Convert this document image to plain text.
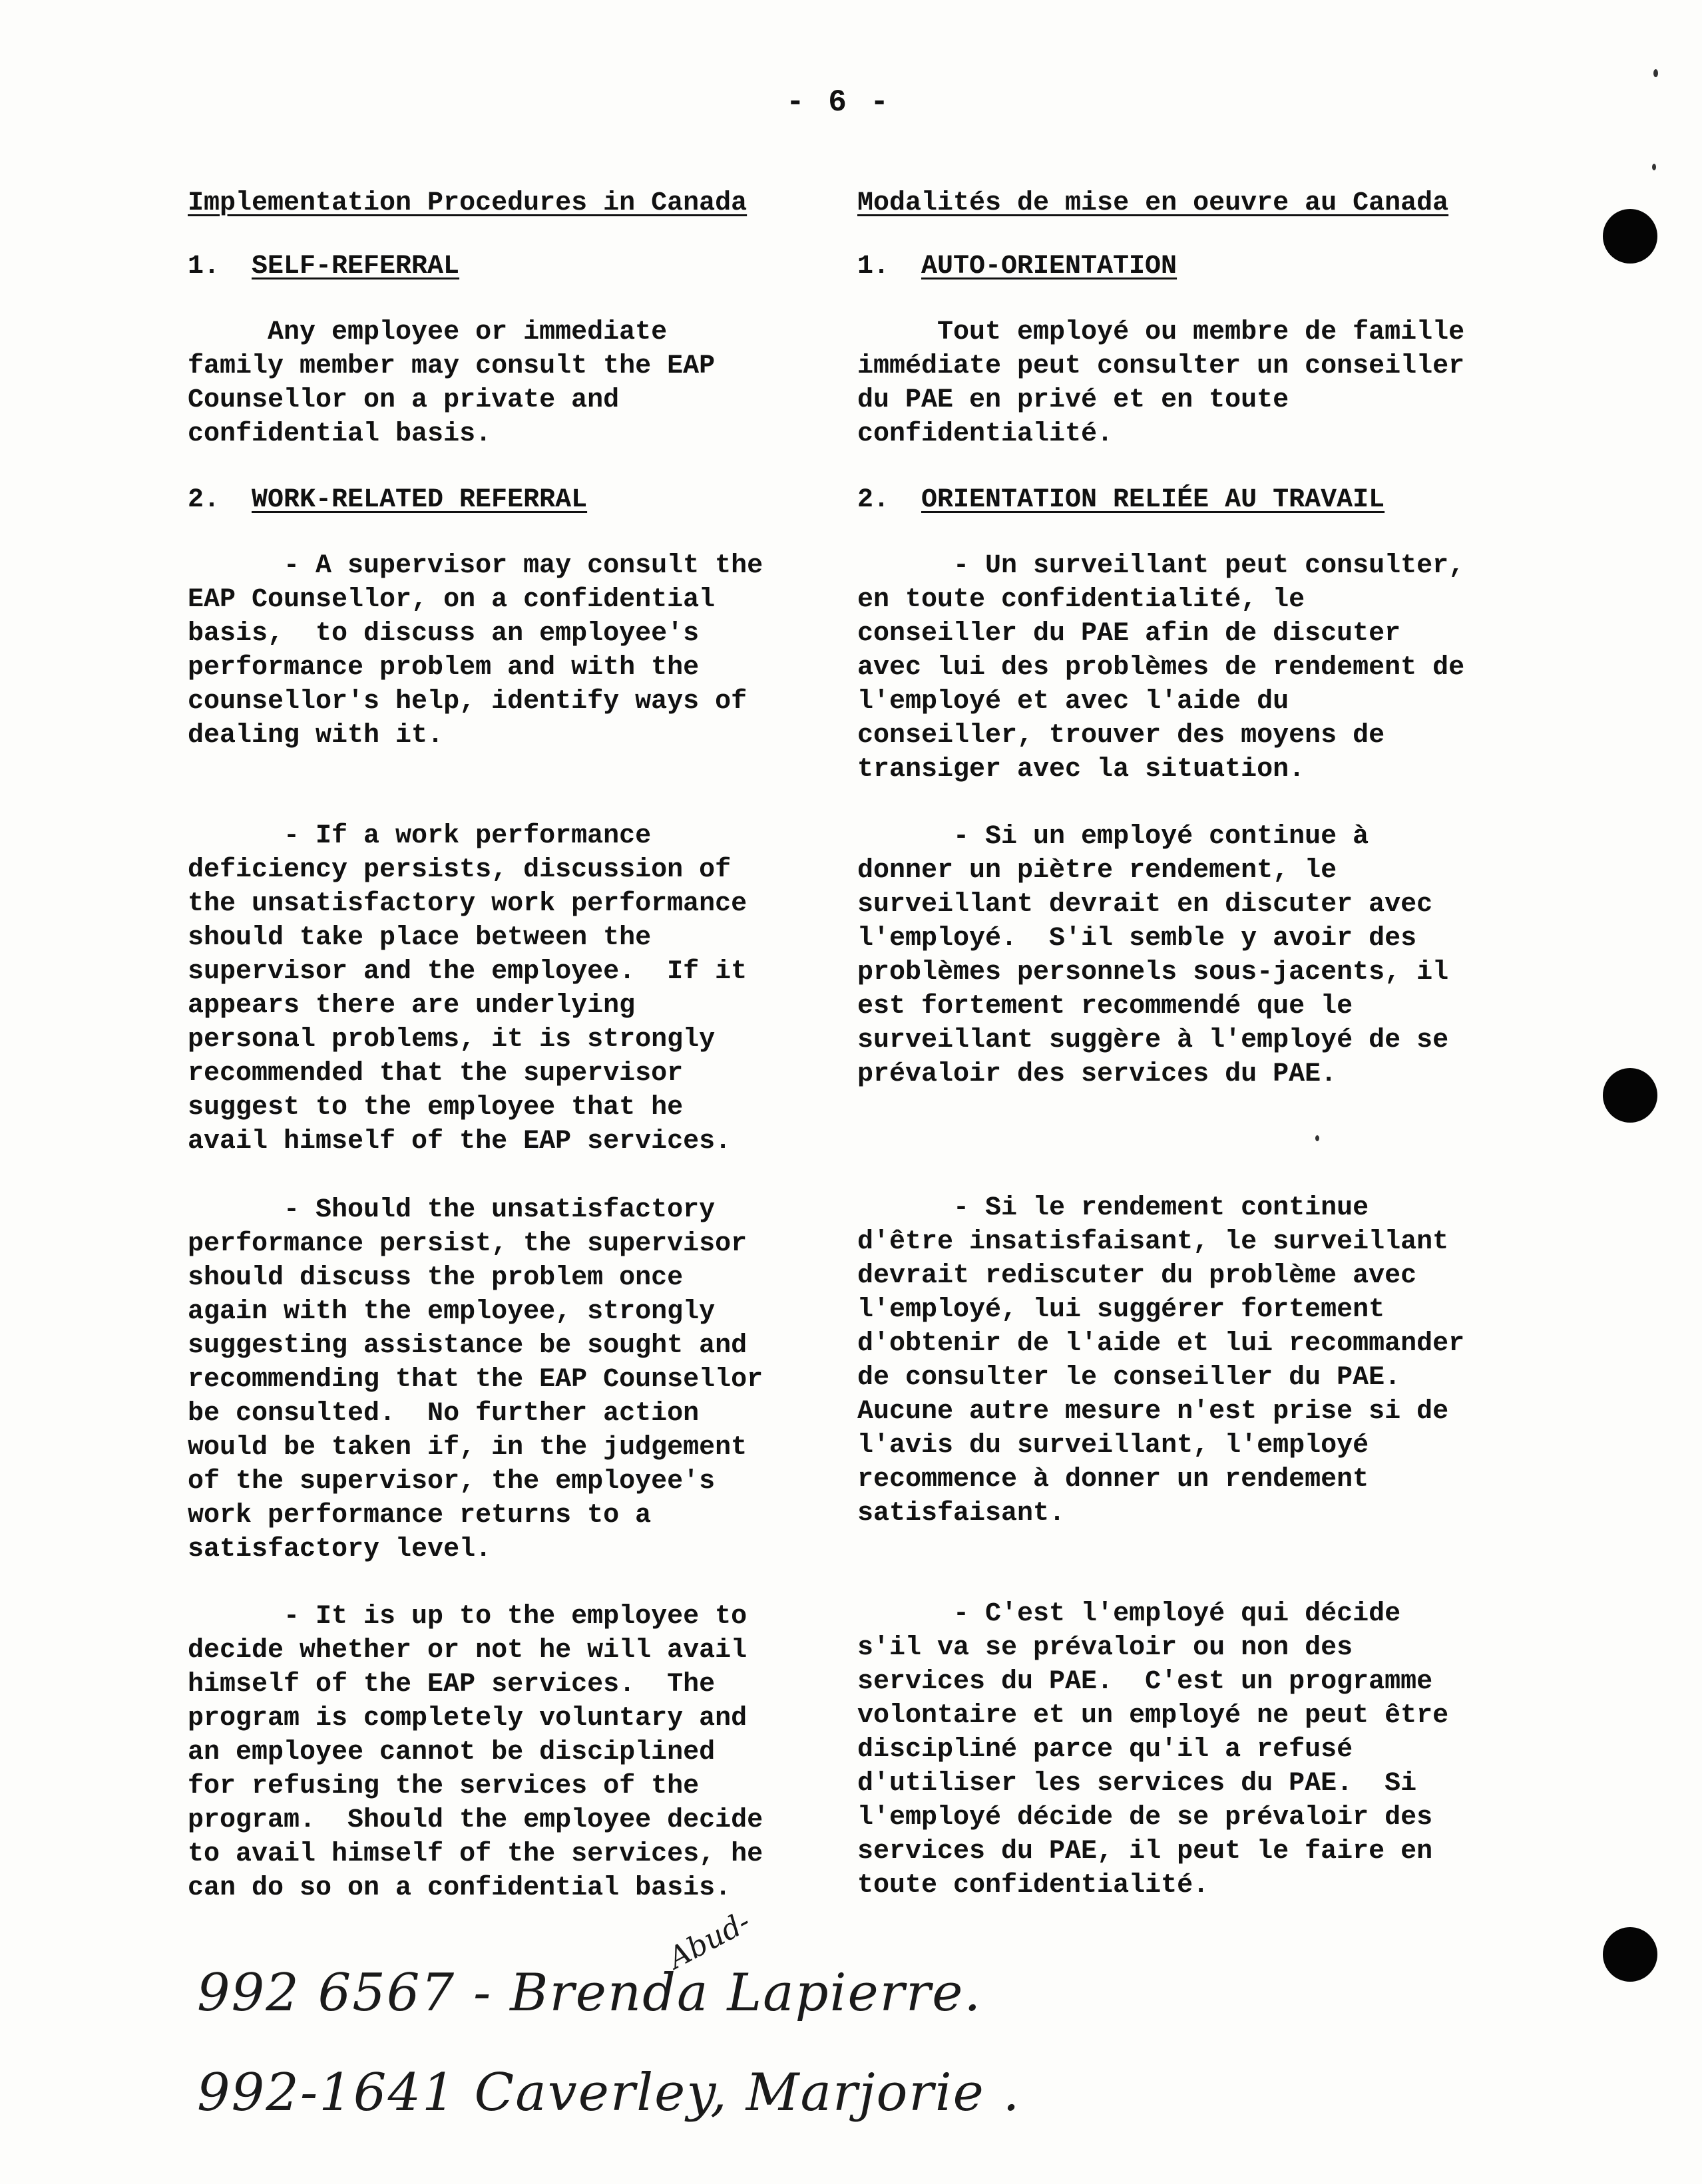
- 6 -
Implementation Procedures in Canada
1.	SELF-REFERRAL

Any employee or immediate
family member may consult the EAP
Counsellor on a private and
confidential basis.

2.	WORK-RELATED REFERRAL

- A supervisor may consult the
EAP Counsellor, on a confidential
basis,  to discuss an employee's
performance problem and with the
counsellor's help, identify ways of
dealing with it.

- If a work performance
deficiency persists, discussion of
the unsatisfactory work performance
should take place between the
supervisor and the employee.  If it
appears there are underlying
personal problems, it is strongly
recommended that the supervisor
suggest to the employee that he
avail himself of the EAP services.

- Should the unsatisfactory
performance persist, the supervisor
should discuss the problem once
again with the employee, strongly
suggesting assistance be sought and
recommending that the EAP Counsellor
be consulted.  No further action
would be taken if, in the judgement
of the supervisor, the employee's
work performance returns to a
satisfactory level.

- It is up to the employee to
decide whether or not he will avail
himself of the EAP services.  The
program is completely voluntary and
an employee cannot be disciplined
for refusing the services of the
program.  Should the employee decide
to avail himself of the services, he
can do so on a confidential basis.

Modalités de mise en oeuvre au Canada
1.	AUTO-ORIENTATION

Tout employé ou membre de famille
immédiate peut consulter un conseiller
du PAE en privé et en toute
confidentialité.

2.	ORIENTATION RELIÉE AU TRAVAIL

- Un surveillant peut consulter,
en toute confidentialité, le
conseiller du PAE afin de discuter
avec lui des problèmes de rendement de
l'employé et avec l'aide du
conseiller, trouver des moyens de
transiger avec la situation.

- Si un employé continue à
donner un piètre rendement, le
surveillant devrait en discuter avec
l'employé.  S'il semble y avoir des
problèmes personnels sous-jacents, il
est fortement recommendé que le
surveillant suggère à l'employé de se
prévaloir des services du PAE.

- Si le rendement continue
d'être insatisfaisant, le surveillant
devrait rediscuter du problème avec
l'employé, lui suggérer fortement
d'obtenir de l'aide et lui recommander
de consulter le conseiller du PAE.
Aucune autre mesure n'est prise si de
l'avis du surveillant, l'employé
recommence à donner un rendement
satisfaisant.

- C'est l'employé qui décide
s'il va se prévaloir ou non des
services du PAE.  C'est un programme
volontaire et un employé ne peut être
discipliné parce qu'il a refusé
d'utiliser les services du PAE.  Si
l'employé décide de se prévaloir des
services du PAE, il peut le faire en
toute confidentialité.

Abud-
992 6567 - Brenda Lapierre.
992-1641 Caverley, Marjorie .
